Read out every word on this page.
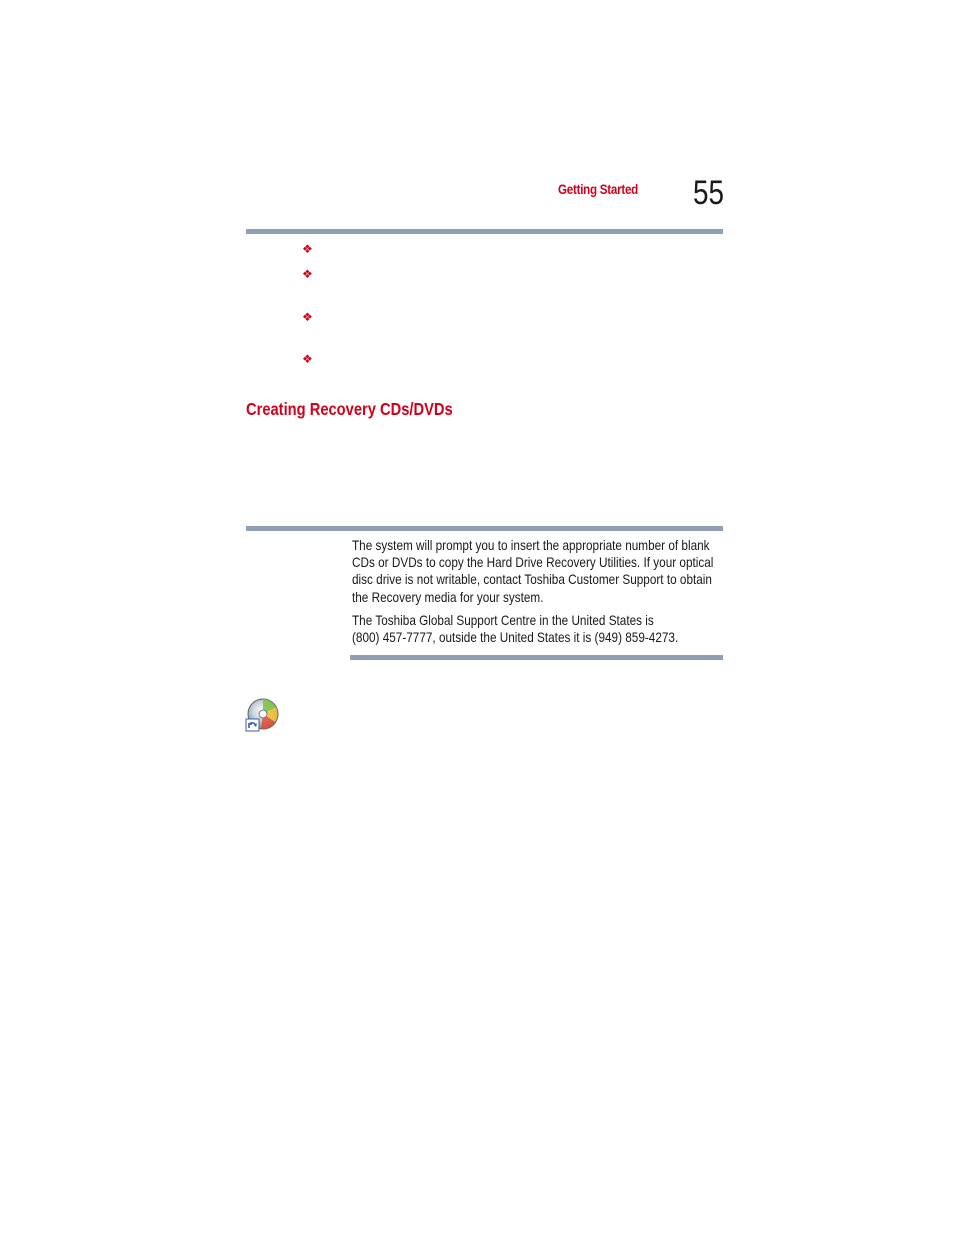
Getting Started	55
❖
❖
❖
❖
Creating Recovery CDs/DVDs

The system will prompt you to insert the appropriate number of blank
CDs or DVDs to copy the Hard Drive Recovery Utilities. If your optical
disc drive is not writable, contact Toshiba Customer Support to obtain
the Recovery media for your system.

The Toshiba Global Support Centre in the United States is
(800) 457-7777, outside the United States it is (949) 859-4273.
